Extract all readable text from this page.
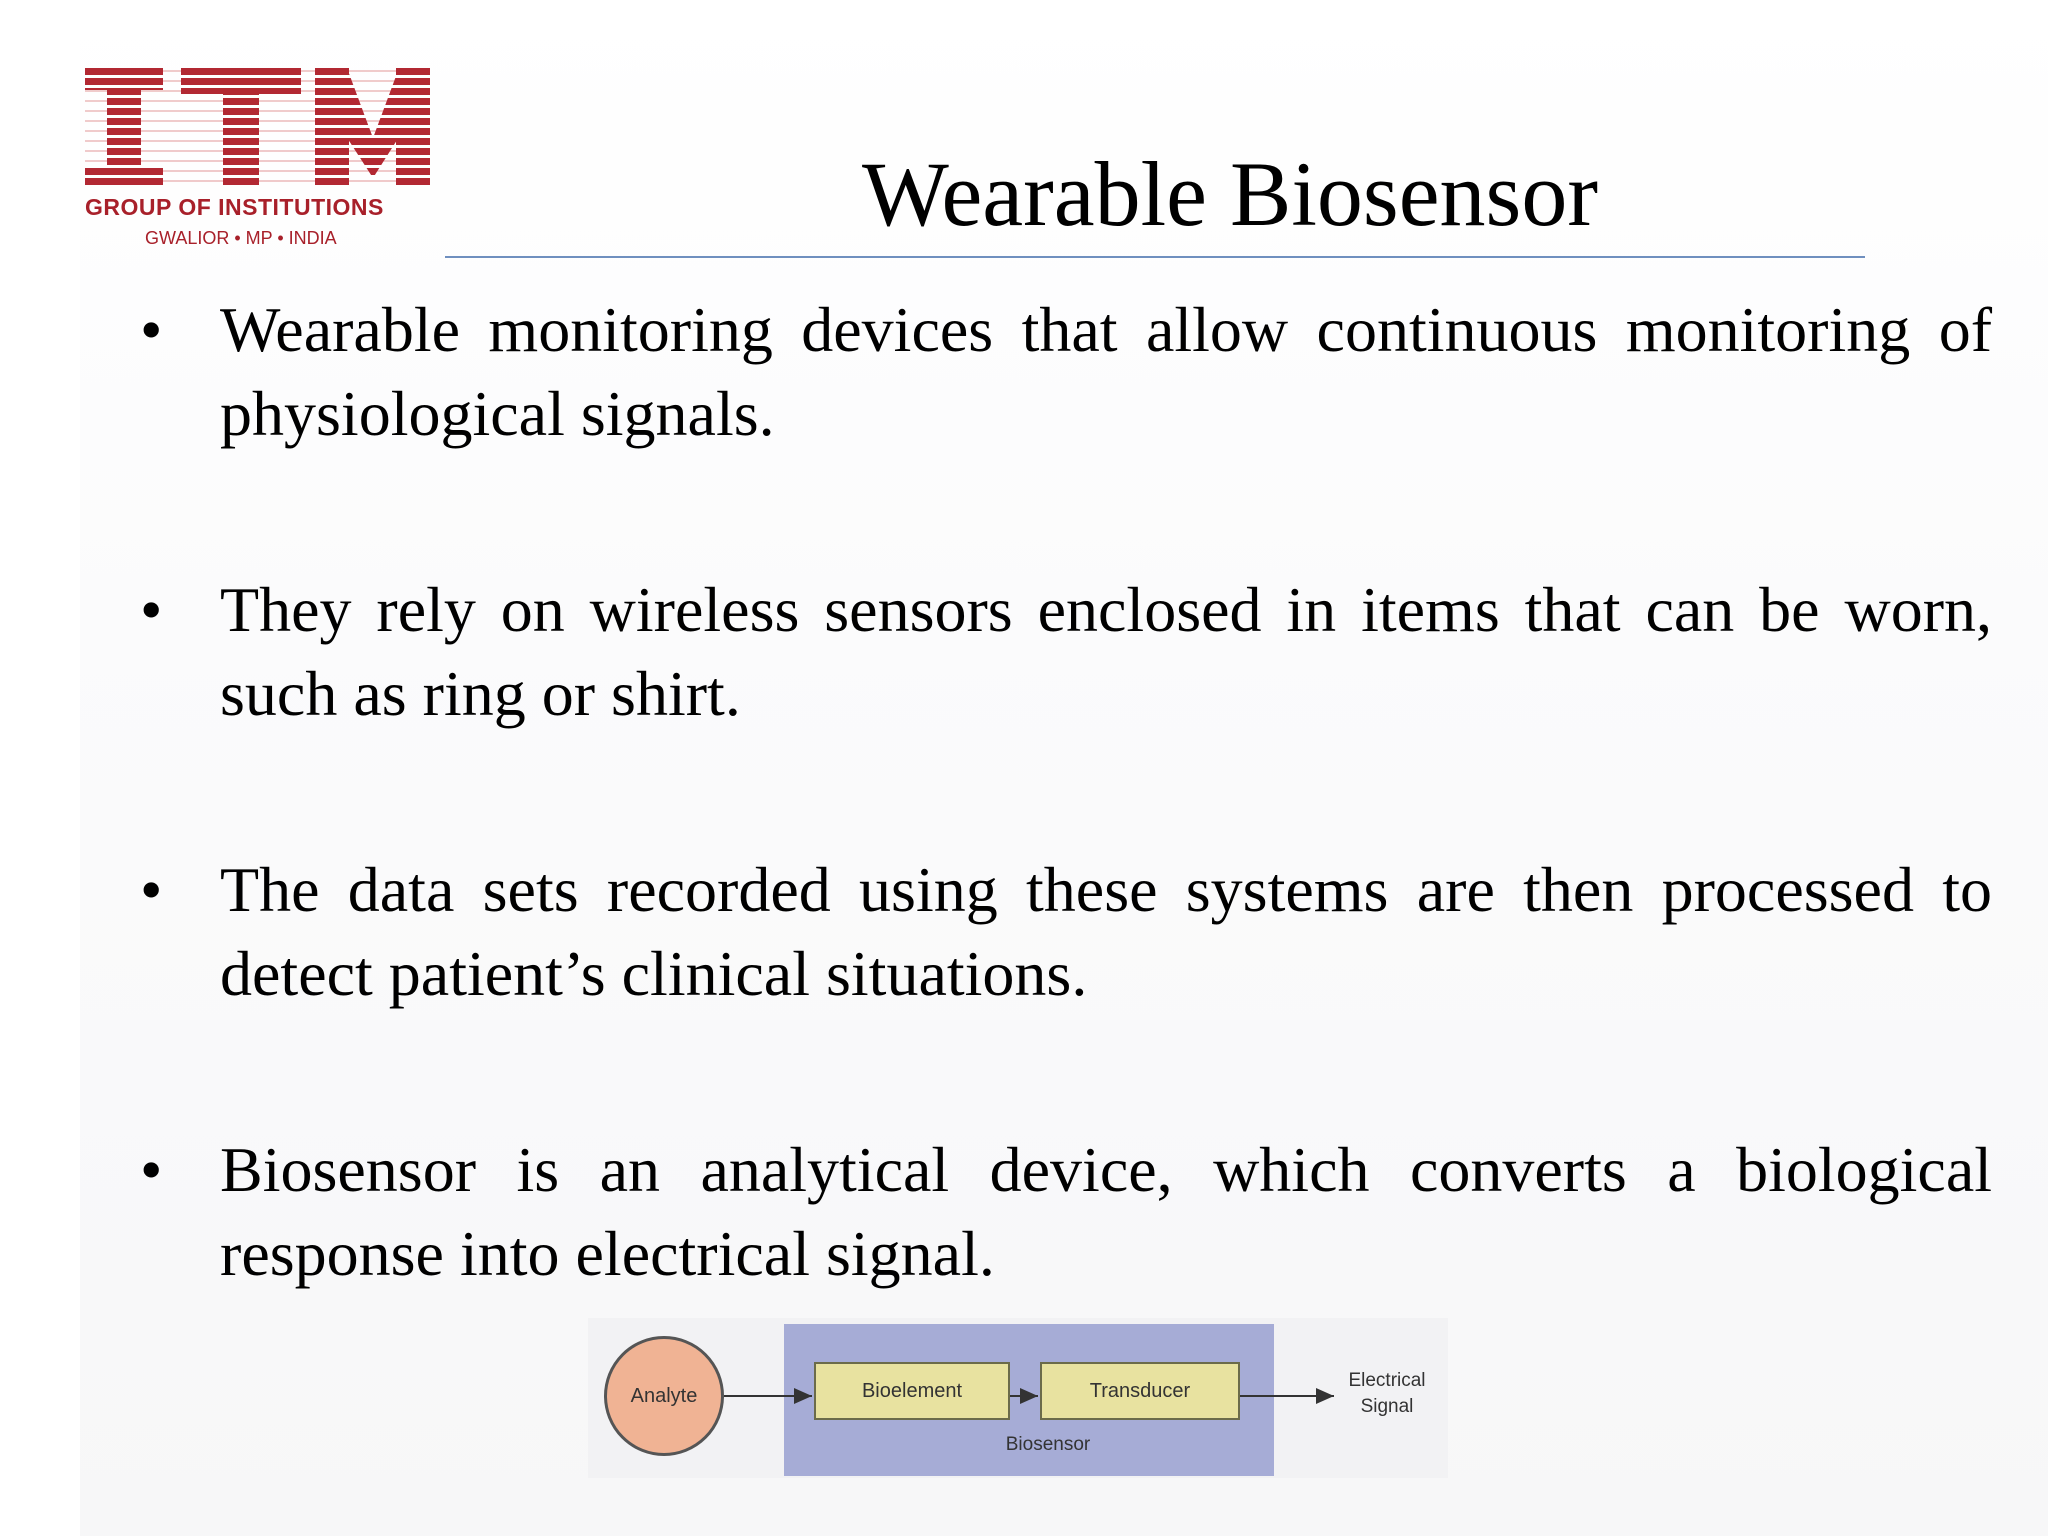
GROUP OF INSTITUTIONS
GWALIOR • MP • INDIA	Wearable Biosensor
• Wearable monitoring devices that allow continuous monitoring of physiological signals.
• They rely on wireless sensors enclosed in items that can be worn, such as ring or shirt.
• The data sets recorded using these systems are then processed to detect patient’s clinical situations.
• Biosensor is an analytical device, which converts a biological response into electrical signal.
Analyte	Bioelement	Transducer
Biosensor
Electrical
Signal
